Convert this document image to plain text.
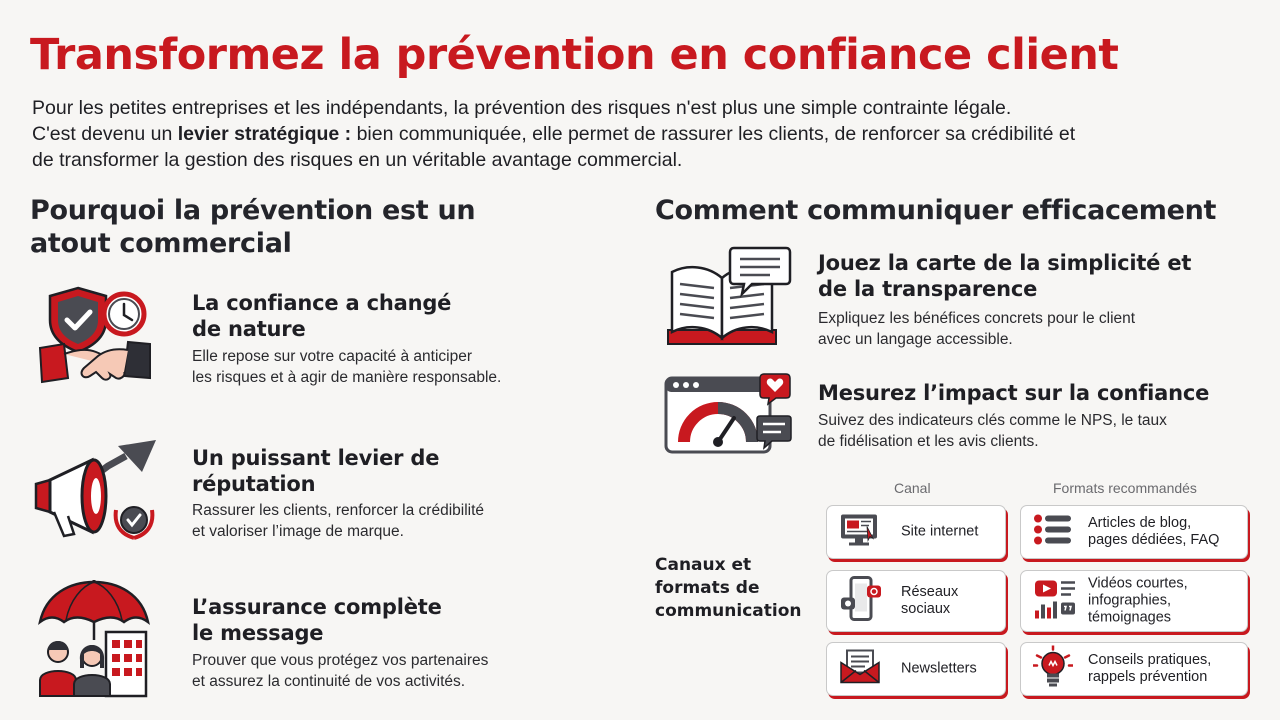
Transformez la prévention en confiance client
Pour les petites entreprises et les indépendants, la prévention des risques n'est plus une simple contrainte légale.
C'est devenu un levier stratégique : bien communiquée, elle permet de rassurer les clients, de renforcer sa crédibilité et
de transformer la gestion des risques en un véritable avantage commercial.
Pourquoi la prévention est un
atout commercial
Comment communiquer efficacement
La confiance a changé
de nature

Elle repose sur votre capacité à anticiper
les risques et à agir de manière responsable.

Un puissant levier de
réputation

Rassurer les clients, renforcer la crédibilité
et valoriser l’image de marque.

L’assurance complète
le message

Prouver que vous protégez vos partenaires
et assurez la continuité de vos activités.

Jouez la carte de la simplicité et
de la transparence

Expliquez les bénéfices concrets pour le client
avec un langage accessible.

Mesurez l’impact sur la confiance

Suivez des indicateurs clés comme le NPS, le taux
de fidélisation et les avis clients.

Canal	Formats recommandés
Canaux et
formats de
communication
Site internet
Articles de blog,
pages dédiées, FAQ
Réseaux
sociaux
Vidéos courtes,
infographies,
témoignages
Newsletters
Conseils pratiques,
rappels prévention
